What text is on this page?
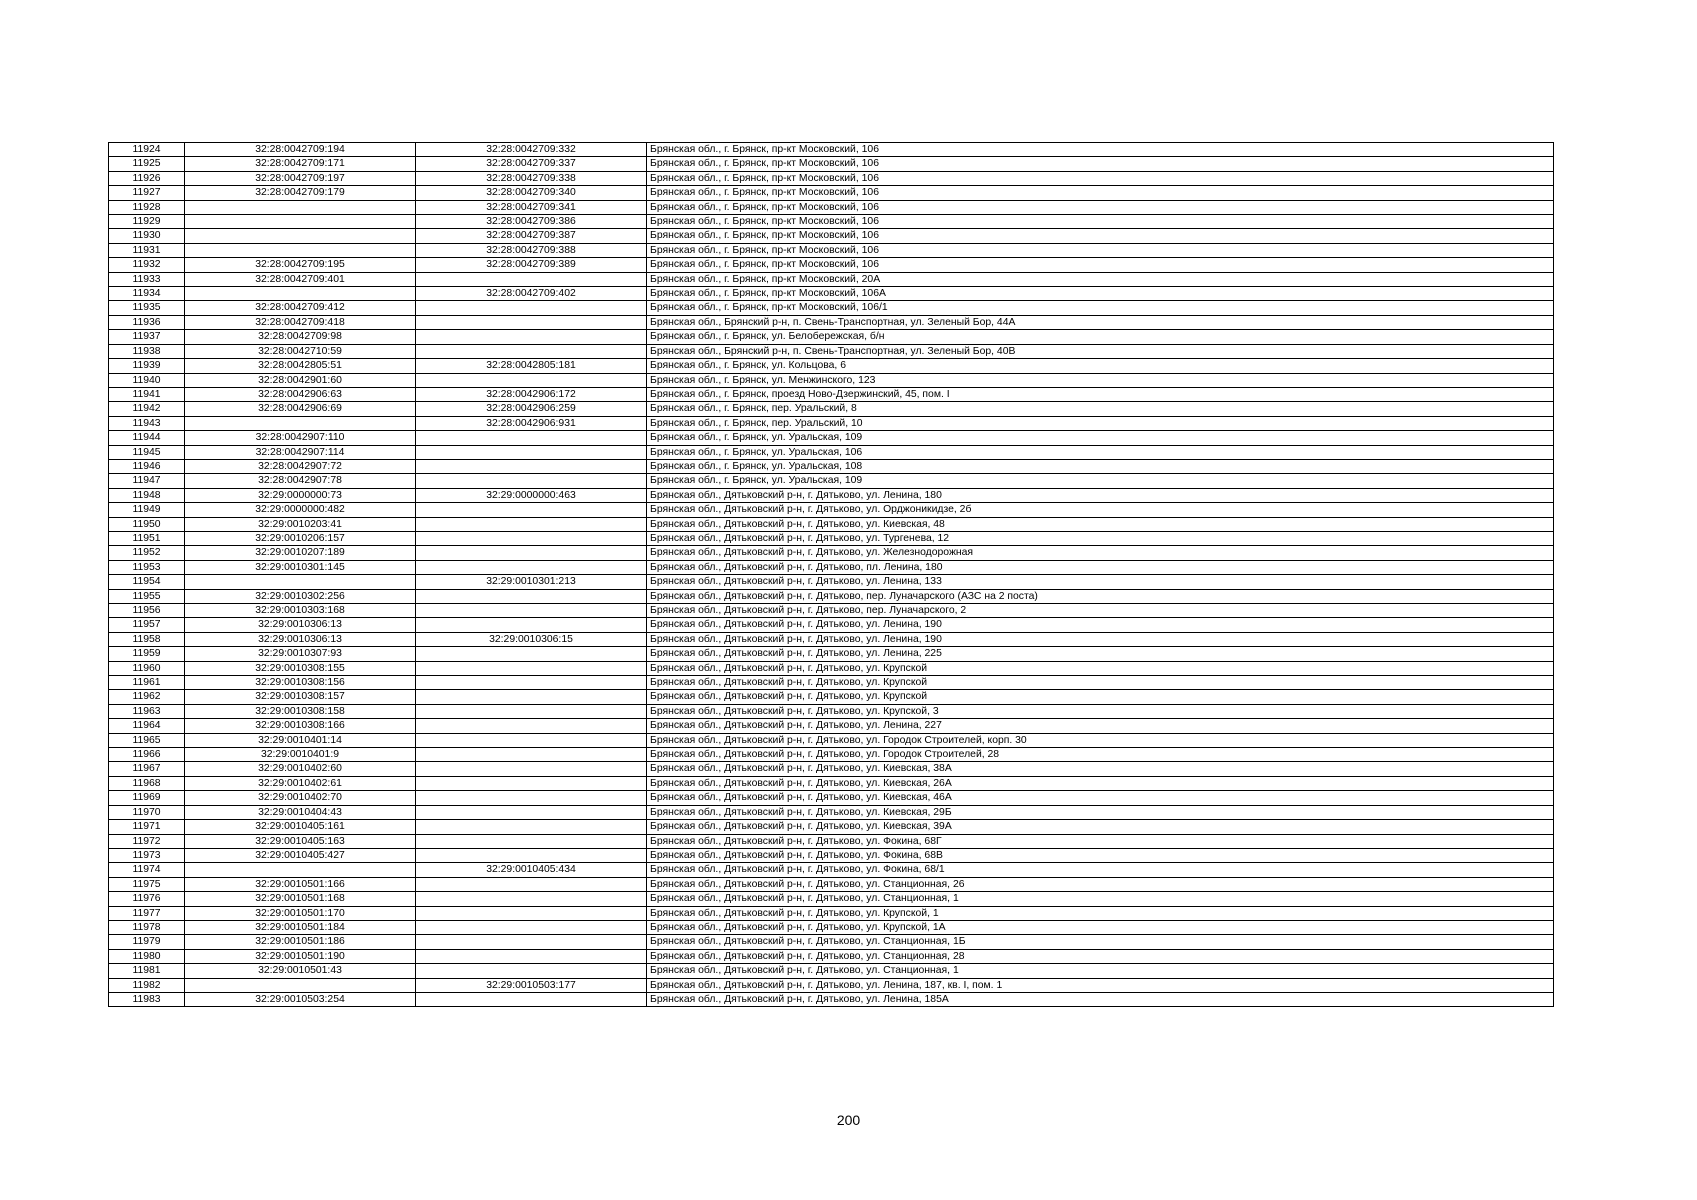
11924	32:28:0042709:194	32:28:0042709:332	Брянская обл., г. Брянск, пр-кт Московский, 106
11925	32:28:0042709:171	32:28:0042709:337	Брянская обл., г. Брянск, пр-кт Московский, 106
11926	32:28:0042709:197	32:28:0042709:338	Брянская обл., г. Брянск, пр-кт Московский, 106
11927	32:28:0042709:179	32:28:0042709:340	Брянская обл., г. Брянск, пр-кт Московский, 106
11928		32:28:0042709:341	Брянская обл., г. Брянск, пр-кт Московский, 106
11929		32:28:0042709:386	Брянская обл., г. Брянск, пр-кт Московский, 106
11930		32:28:0042709:387	Брянская обл., г. Брянск, пр-кт Московский, 106
11931		32:28:0042709:388	Брянская обл., г. Брянск, пр-кт Московский, 106
11932	32:28:0042709:195	32:28:0042709:389	Брянская обл., г. Брянск, пр-кт Московский, 106
11933	32:28:0042709:401		Брянская обл., г. Брянск, пр-кт Московский, 20А
11934		32:28:0042709:402	Брянская обл., г. Брянск, пр-кт Московский, 106А
11935	32:28:0042709:412		Брянская обл., г. Брянск, пр-кт Московский, 106/1
11936	32:28:0042709:418		Брянская обл., Брянский р-н, п. Свень-Транспортная, ул. Зеленый Бор, 44А
11937	32:28:0042709:98		Брянская обл., г. Брянск, ул. Белобережская, б/н
11938	32:28:0042710:59		Брянская обл., Брянский р-н, п. Свень-Транспортная, ул. Зеленый Бор, 40В
11939	32:28:0042805:51	32:28:0042805:181	Брянская обл., г. Брянск, ул. Кольцова, 6
11940	32:28:0042901:60		Брянская обл., г. Брянск, ул. Менжинского, 123
11941	32:28:0042906:63	32:28:0042906:172	Брянская обл., г. Брянск, проезд Ново-Дзержинский, 45, пом. I
11942	32:28:0042906:69	32:28:0042906:259	Брянская обл., г. Брянск, пер. Уральский, 8
11943		32:28:0042906:931	Брянская обл., г. Брянск, пер. Уральский, 10
11944	32:28:0042907:110		Брянская обл., г. Брянск, ул. Уральская, 109
11945	32:28:0042907:114		Брянская обл., г. Брянск, ул. Уральская, 106
11946	32:28:0042907:72		Брянская обл., г. Брянск, ул. Уральская, 108
11947	32:28:0042907:78		Брянская обл., г. Брянск, ул. Уральская, 109
11948	32:29:0000000:73	32:29:0000000:463	Брянская обл., Дятьковский р-н, г. Дятьково, ул. Ленина, 180
11949	32:29:0000000:482		Брянская обл., Дятьковский р-н, г. Дятьково, ул. Орджоникидзе, 2б
11950	32:29:0010203:41		Брянская обл., Дятьковский р-н, г. Дятьково, ул. Киевская, 48
11951	32:29:0010206:157		Брянская обл., Дятьковский р-н, г. Дятьково, ул. Тургенева, 12
11952	32:29:0010207:189		Брянская обл., Дятьковский р-н, г. Дятьково, ул. Железнодорожная
11953	32:29:0010301:145		Брянская обл., Дятьковский р-н, г. Дятьково, пл. Ленина, 180
11954		32:29:0010301:213	Брянская обл., Дятьковский р-н, г. Дятьково, ул. Ленина, 133
11955	32:29:0010302:256		Брянская обл., Дятьковский р-н, г. Дятьково, пер. Луначарского (АЗС на 2 поста)
11956	32:29:0010303:168		Брянская обл., Дятьковский р-н, г. Дятьково, пер. Луначарского, 2
11957	32:29:0010306:13		Брянская обл., Дятьковский р-н, г. Дятьково, ул. Ленина, 190
11958	32:29:0010306:13	32:29:0010306:15	Брянская обл., Дятьковский р-н, г. Дятьково, ул. Ленина, 190
11959	32:29:0010307:93		Брянская обл., Дятьковский р-н, г. Дятьково, ул. Ленина, 225
11960	32:29:0010308:155		Брянская обл., Дятьковский р-н, г. Дятьково, ул. Крупской
11961	32:29:0010308:156		Брянская обл., Дятьковский р-н, г. Дятьково, ул. Крупской
11962	32:29:0010308:157		Брянская обл., Дятьковский р-н, г. Дятьково, ул. Крупской
11963	32:29:0010308:158		Брянская обл., Дятьковский р-н, г. Дятьково, ул. Крупской, 3
11964	32:29:0010308:166		Брянская обл., Дятьковский р-н, г. Дятьково, ул. Ленина, 227
11965	32:29:0010401:14		Брянская обл., Дятьковский р-н, г. Дятьково, ул. Городок Строителей, корп. 30
11966	32:29:0010401:9		Брянская обл., Дятьковский р-н, г. Дятьково, ул. Городок Строителей, 28
11967	32:29:0010402:60		Брянская обл., Дятьковский р-н, г. Дятьково, ул. Киевская, 38А
11968	32:29:0010402:61		Брянская обл., Дятьковский р-н, г. Дятьково, ул. Киевская, 26А
11969	32:29:0010402:70		Брянская обл., Дятьковский р-н, г. Дятьково, ул. Киевская, 46А
11970	32:29:0010404:43		Брянская обл., Дятьковский р-н, г. Дятьково, ул. Киевская, 29Б
11971	32:29:0010405:161		Брянская обл., Дятьковский р-н, г. Дятьково, ул. Киевская, 39А
11972	32:29:0010405:163		Брянская обл., Дятьковский р-н, г. Дятьково, ул. Фокина, 68Г
11973	32:29:0010405:427		Брянская обл., Дятьковский р-н, г. Дятьково, ул. Фокина, 68В
11974		32:29:0010405:434	Брянская обл., Дятьковский р-н, г. Дятьково, ул. Фокина, 68/1
11975	32:29:0010501:166		Брянская обл., Дятьковский р-н, г. Дятьково, ул. Станционная, 26
11976	32:29:0010501:168		Брянская обл., Дятьковский р-н, г. Дятьково, ул. Станционная, 1
11977	32:29:0010501:170		Брянская обл., Дятьковский р-н, г. Дятьково, ул. Крупской, 1
11978	32:29:0010501:184		Брянская обл., Дятьковский р-н, г. Дятьково, ул. Крупской, 1А
11979	32:29:0010501:186		Брянская обл., Дятьковский р-н, г. Дятьково, ул. Станционная, 1Б
11980	32:29:0010501:190		Брянская обл., Дятьковский р-н, г. Дятьково, ул. Станционная, 28
11981	32:29:0010501:43		Брянская обл., Дятьковский р-н, г. Дятьково, ул. Станционная, 1
11982		32:29:0010503:177	Брянская обл., Дятьковский р-н, г. Дятьково, ул. Ленина, 187, кв. I, пом. 1
11983	32:29:0010503:254		Брянская обл., Дятьковский р-н, г. Дятьково, ул. Ленина, 185А
200
